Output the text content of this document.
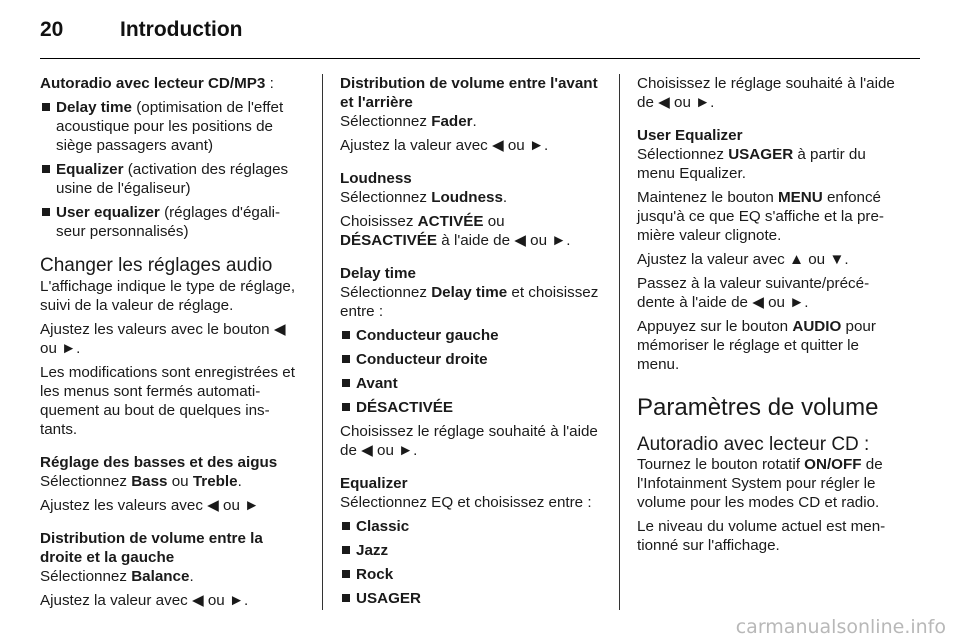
20	Introduction

Autoradio avec lecteur CD/MP3 :

Delay time (optimisation de l'effet acoustique pour les positions de siège passagers avant)
Equalizer (activation des réglages usine de l'égaliseur)
User equalizer (réglages d'égali-seur personnalisés)
Changer les réglages audio

L'affichage indique le type de réglage, suivi de la valeur de réglage.

Ajustez les valeurs avec le bouton ◀ ou ►.

Les modifications sont enregistrées et les menus sont fermés automati-quement au bout de quelques ins-tants.

Réglage des basses et des aigus

Sélectionnez Bass ou Treble.

Ajustez les valeurs avec ◀ ou ►

Distribution de volume entre la droite et la gauche

Sélectionnez Balance.

Ajustez la valeur avec ◀ ou ►.

Distribution de volume entre l'avant et l'arrière

Sélectionnez Fader.

Ajustez la valeur avec ◀ ou ►.

Loudness

Sélectionnez Loudness.

Choisissez ACTIVÉE ou
DÉSACTIVÉE à l'aide de ◀ ou ►.

Delay time

Sélectionnez Delay time et choisissez entre :

Conducteur gauche
Conducteur droite
Avant
DÉSACTIVÉE

Choisissez le réglage souhaité à l'aide de ◀ ou ►.

Equalizer

Sélectionnez EQ et choisissez entre :

Classic
Jazz
Rock
USAGER

Choisissez le réglage souhaité à l'aide de ◀ ou ►.

User Equalizer

Sélectionnez USAGER à partir du menu Equalizer.

Maintenez le bouton MENU enfoncé jusqu'à ce que EQ s'affiche et la pre-mière valeur clignote.

Ajustez la valeur avec ▲ ou ▼.

Passez à la valeur suivante/précé-dente à l'aide de ◀ ou ►.

Appuyez sur le bouton AUDIO pour mémoriser le réglage et quitter le menu.

Paramètres de volume
Autoradio avec lecteur CD :

Tournez le bouton rotatif ON/OFF de l'Infotainment System pour régler le volume pour les modes CD et radio.

Le niveau du volume actuel est men-tionné sur l'affichage.

carmanualsonline.info
